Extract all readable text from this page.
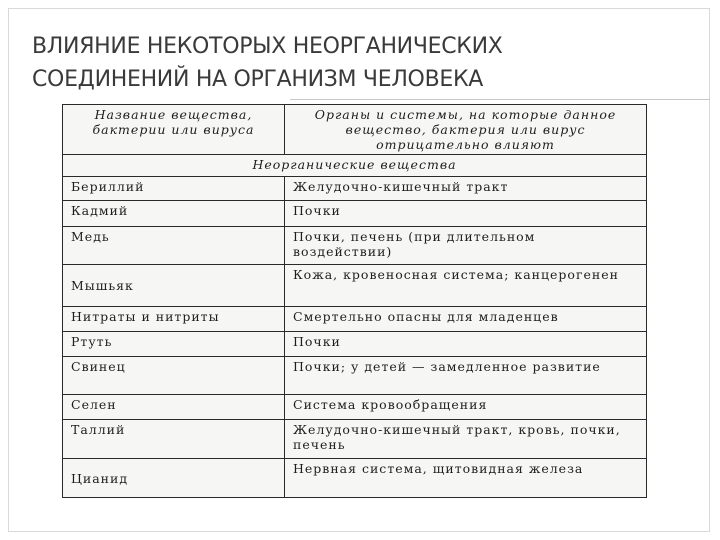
ВЛИЯНИЕ НЕКОТОРЫХ НЕОРГАНИЧЕСКИХ
СОЕДИНЕНИЙ НА ОРГАНИЗМ ЧЕЛОВЕКА
Название вещества, бактерии или вируса	Органы и системы, на которые данное вещество, бактерия или вирус отрицательно влияют
Неорганические вещества	
Бериллий	Желудочно-кишечный тракт
Кадмий	Почки
Медь	Почки, печень (при длительном воздействии)
Мышьяк	Кожа, кровеносная система; канцерогенен
Нитраты и нитриты	Смертельно опасны для младенцев
Ртуть	Почки
Свинец	Почки; у детей — замедленное развитие
Селен	Система кровообращения
Таллий	Желудочно-кишечный тракт, кровь, почки, печень
Цианид	Нервная система, щитовидная железа
